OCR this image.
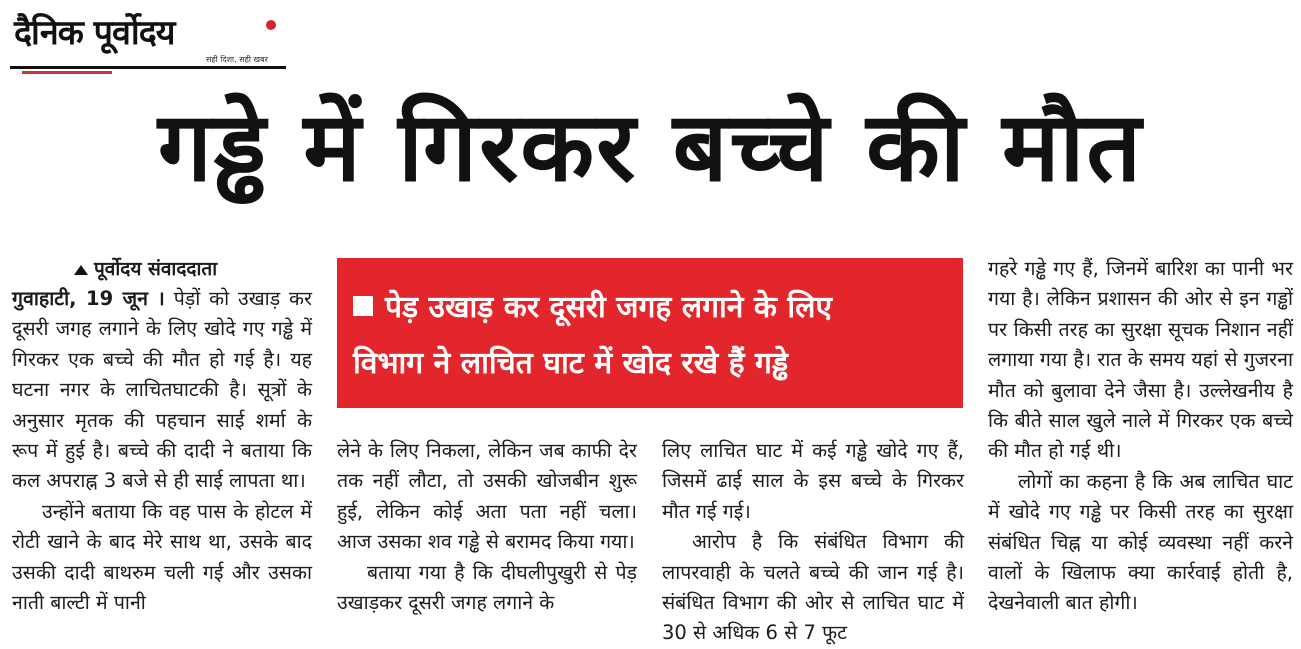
दैनिक पूर्वोदय
सही दिशा, सही खबर
गड्ढे में गिरकर बच्चे की मौत
पेड़ उखाड़ कर दूसरी जगह लगाने के लिए
विभाग ने लाचित घाट में खोद रखे हैं गड्ढे
पूर्वोदय संवाददाता

गुवाहाटी, 19 जून । पेड़ों को उखाड़ कर दूसरी जगह लगाने के लिए खोदे गए गड्ढे में गिरकर एक बच्चे की मौत हो गई है। यह घटना नगर के लाचितघाटकी है। सूत्रों के अनुसार मृतक की पहचान साई शर्मा के रूप में हुई है। बच्चे की दादी ने बताया कि कल अपराह्न 3 बजे से ही साई लापता था।

उन्होंने बताया कि वह पास के होटल में रोटी खाने के बाद मेरे साथ था, उसके बाद उसकी दादी बाथरुम चली गई और उसका नाती बाल्टी में पानी

लेने के लिए निकला, लेकिन जब काफी देर तक नहीं लौटा, तो उसकी खोजबीन शुरू हुई, लेकिन कोई अता पता नहीं चला। आज उसका शव गड्ढे से बरामद किया गया।

बताया गया है कि दीघलीपुखुरी से पेड़ उखाड़कर दूसरी जगह लगाने के

लिए लाचित घाट में कई गड्ढे खोदे गए हैं, जिसमें ढाई साल के इस बच्चे के गिरकर मौत गई गई।

आरोप है कि संबंधित विभाग की लापरवाही के चलते बच्चे की जान गई है। संबंधित विभाग की ओर से लाचित घाट में 30 से अधिक 6 से 7 फूट

गहरे गड्ढे गए हैं, जिनमें बारिश का पानी भर गया है। लेकिन प्रशासन की ओर से इन गड्ढों पर किसी तरह का सुरक्षा सूचक निशान नहीं लगाया गया है। रात के समय यहां से गुजरना मौत को बुलावा देने जैसा है। उल्लेखनीय है कि बीते साल खुले नाले में गिरकर एक बच्चे की मौत हो गई थी।

लोगों का कहना है कि अब लाचित घाट में खोदे गए गड्ढे पर किसी तरह का सुरक्षा संबंधित चिह्न या कोई व्यवस्था नहीं करने वालों के खिलाफ क्या कार्रवाई होती है, देखनेवाली बात होगी।
